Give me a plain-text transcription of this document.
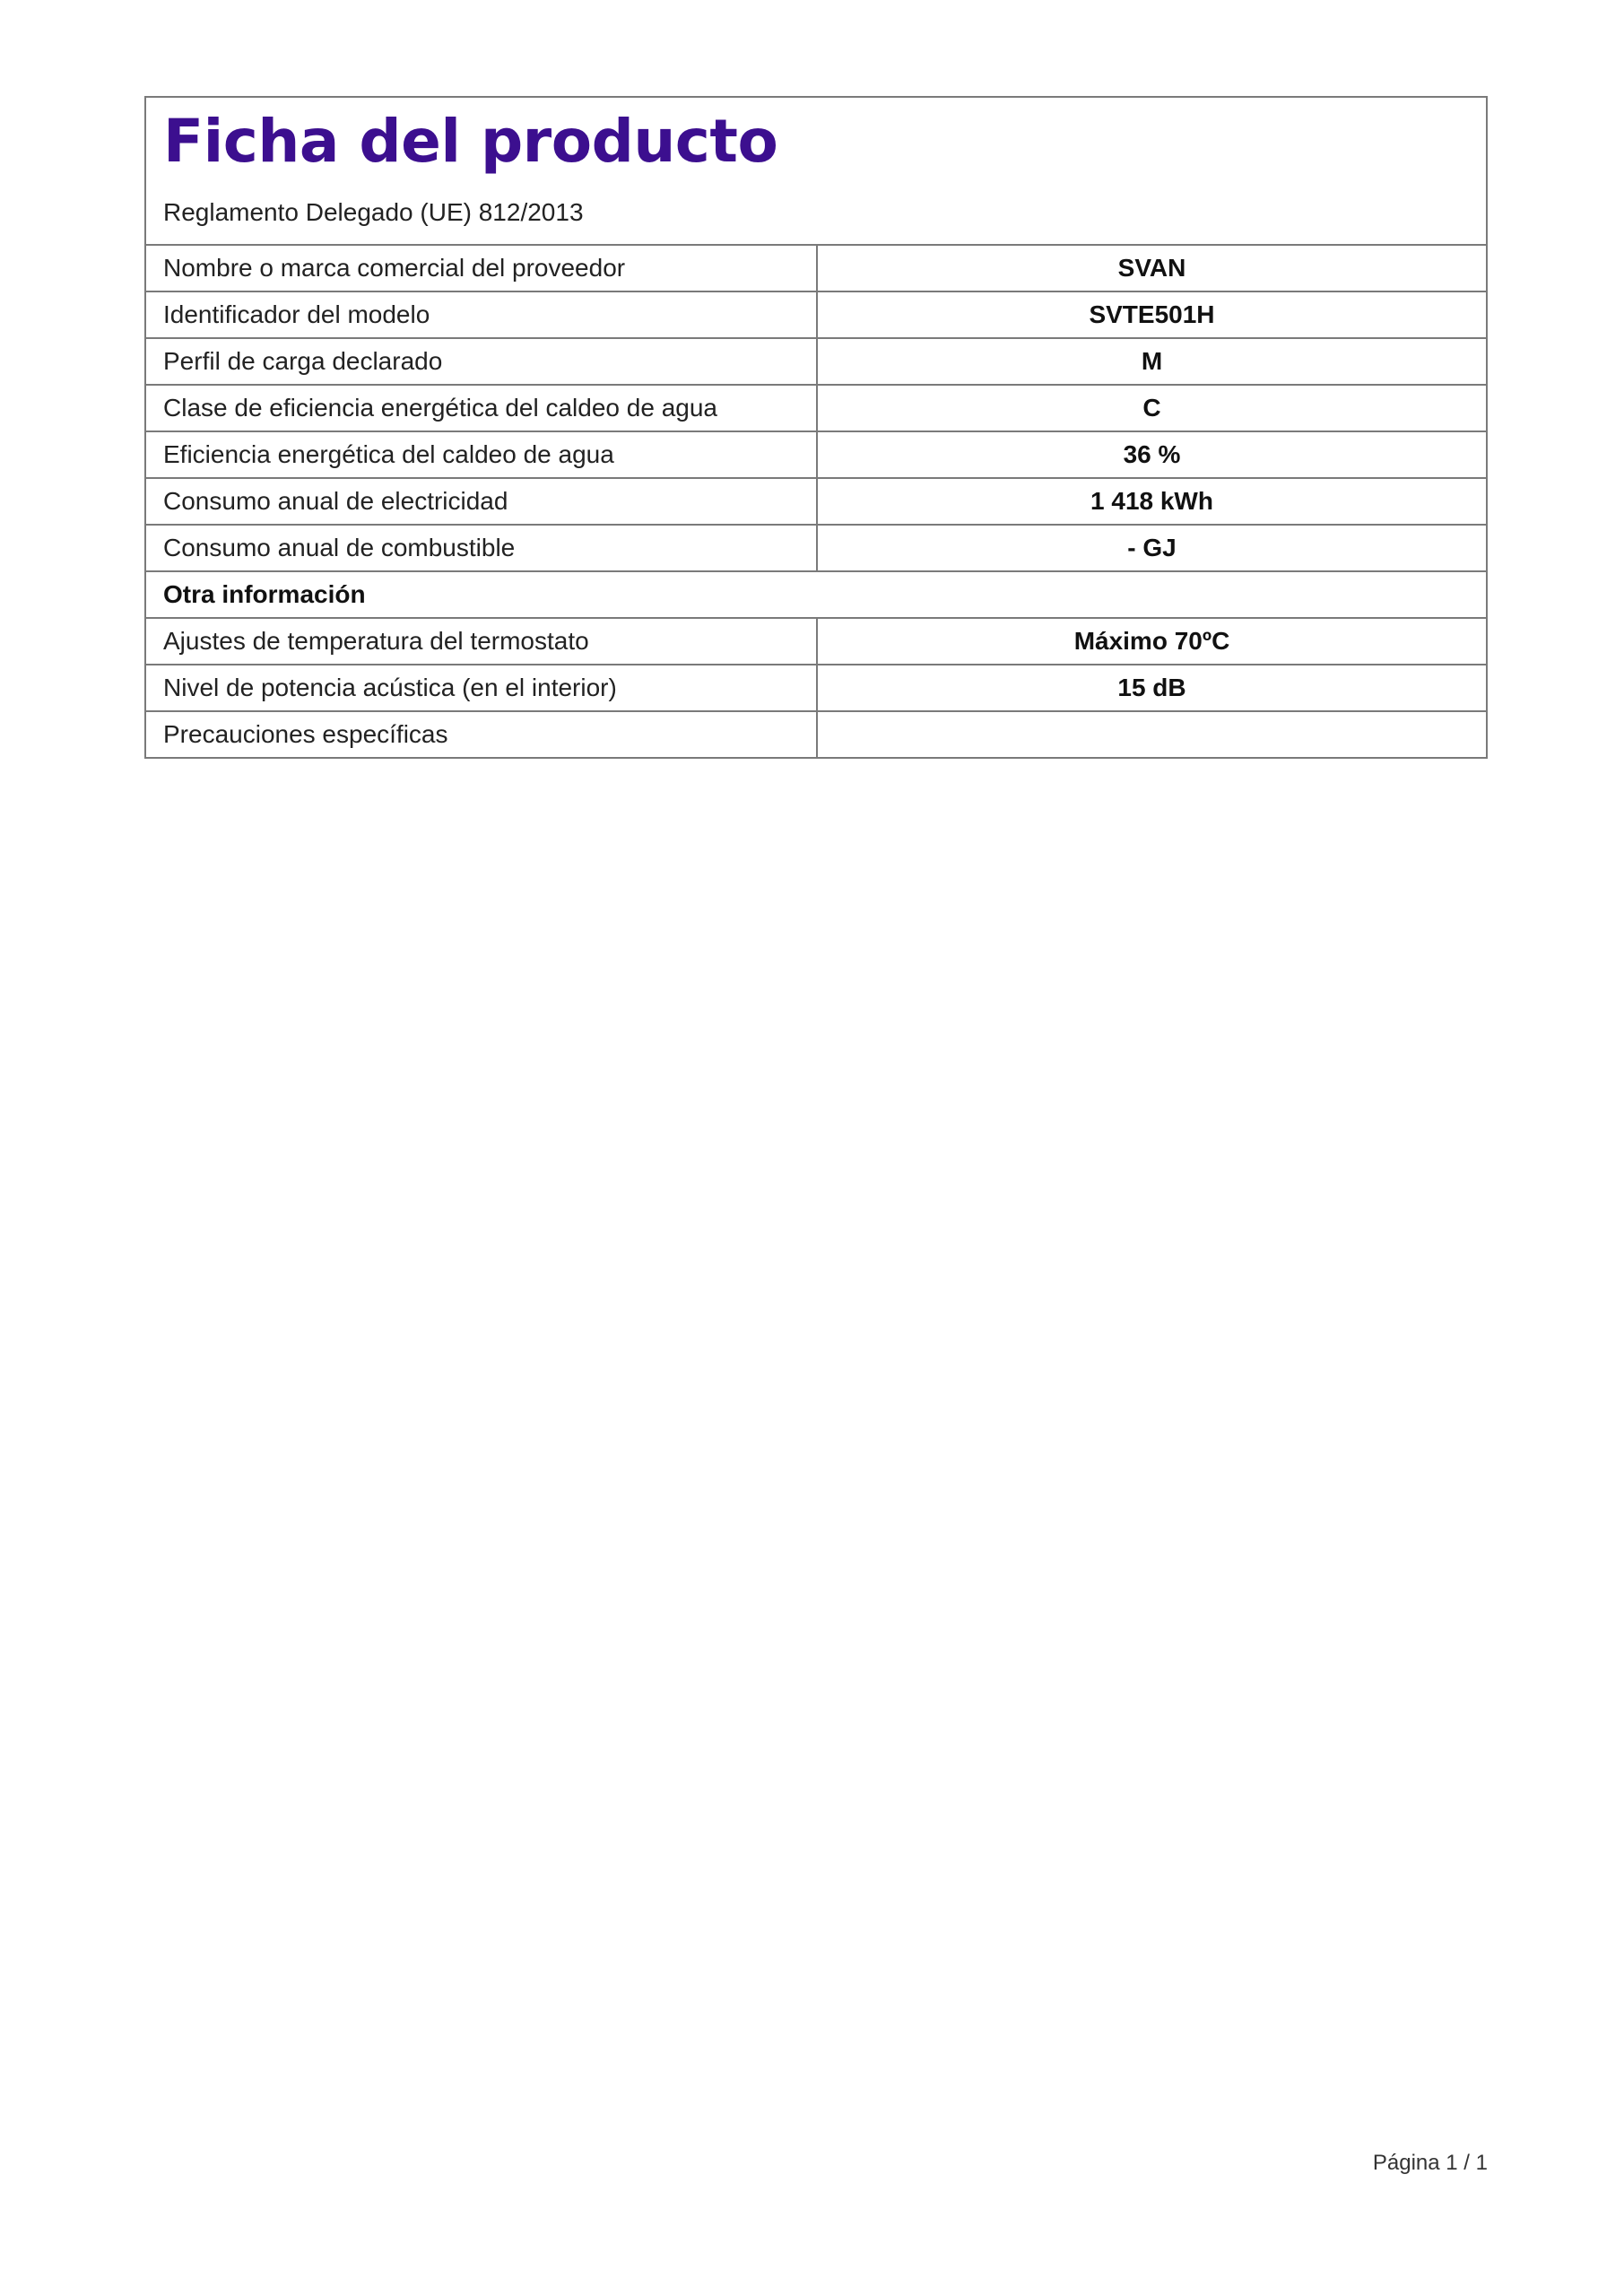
Ficha del producto
Reglamento Delegado (UE) 812/2013
Nombre o marca comercial del proveedor	SVAN
Identificador del modelo	SVTE501H
Perfil de carga declarado	M
Clase de eficiencia energética del caldeo de agua	C
Eficiencia energética del caldeo de agua	36 %
Consumo anual de electricidad	1 418 kWh
Consumo anual de combustible	- GJ
Otra información	
Ajustes de temperatura del termostato	Máximo 70ºC
Nivel de potencia acústica (en el interior)	15 dB
Precauciones específicas	
Página 1 / 1
